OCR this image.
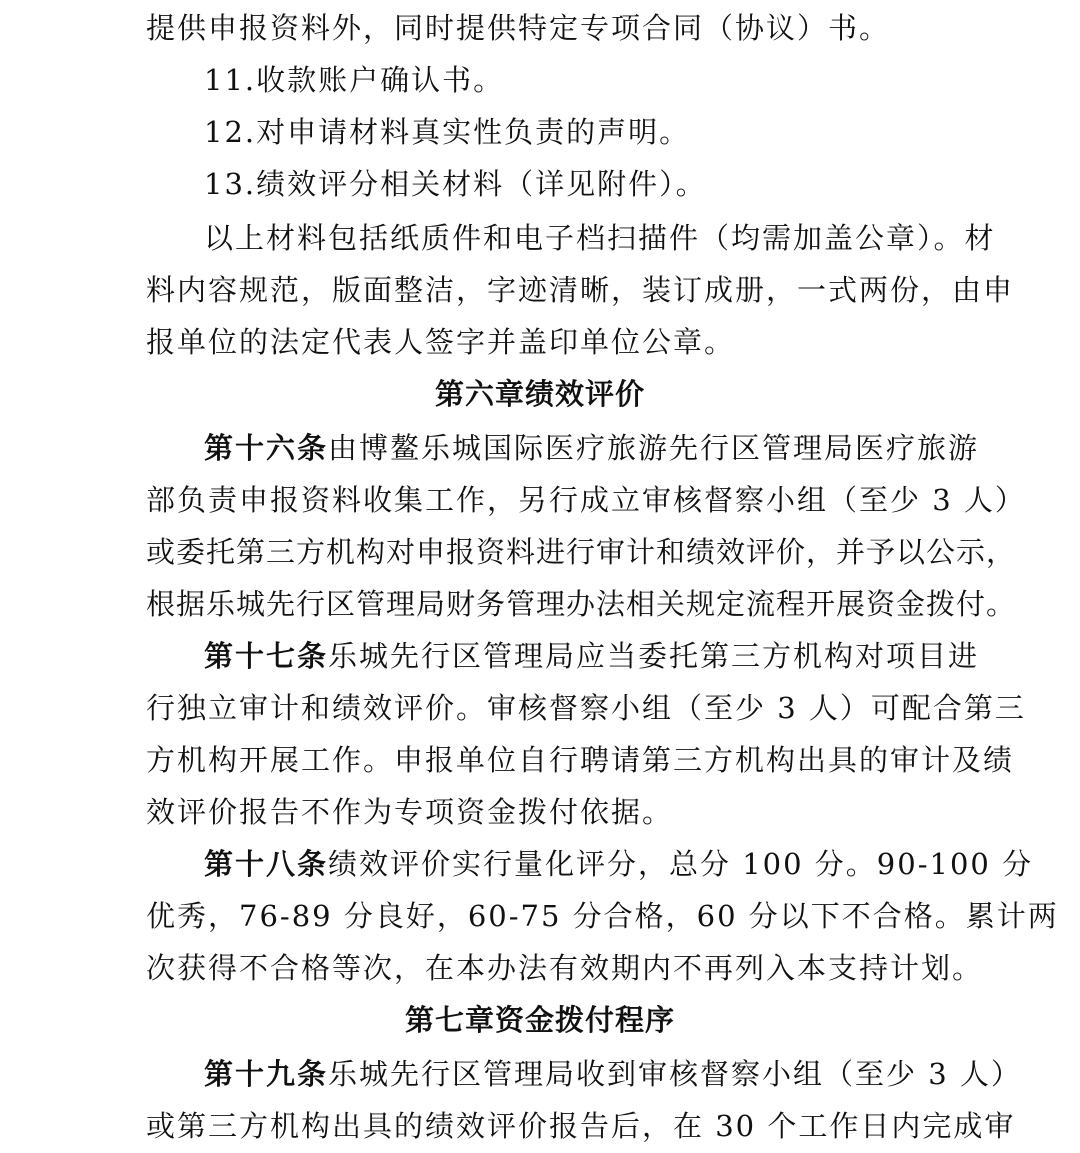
提供申报资料外，同时提供特定专项合同（协议）书。
11.收款账户确认书。
12.对申请材料真实性负责的声明。
13.绩效评分相关材料（详见附件）。
以上材料包括纸质件和电子档扫描件（均需加盖公章）。材
料内容规范，版面整洁，字迹清晰，装订成册，一式两份，由申
报单位的法定代表人签字并盖印单位公章。
第六章绩效评价
第十六条由博鳌乐城国际医疗旅游先行区管理局医疗旅游
部负责申报资料收集工作，另行成立审核督察小组（至少 3 人）
或委托第三方机构对申报资料进行审计和绩效评价，并予以公示，
根据乐城先行区管理局财务管理办法相关规定流程开展资金拨付。
第十七条乐城先行区管理局应当委托第三方机构对项目进
行独立审计和绩效评价。审核督察小组（至少 3 人）可配合第三
方机构开展工作。申报单位自行聘请第三方机构出具的审计及绩
效评价报告不作为专项资金拨付依据。
第十八条绩效评价实行量化评分，总分 100 分。90-100 分
优秀，76-89 分良好，60-75 分合格，60 分以下不合格。累计两
次获得不合格等次，在本办法有效期内不再列入本支持计划。
第七章资金拨付程序
第十九条乐城先行区管理局收到审核督察小组（至少 3 人）
或第三方机构出具的绩效评价报告后，在 30 个工作日内完成审
